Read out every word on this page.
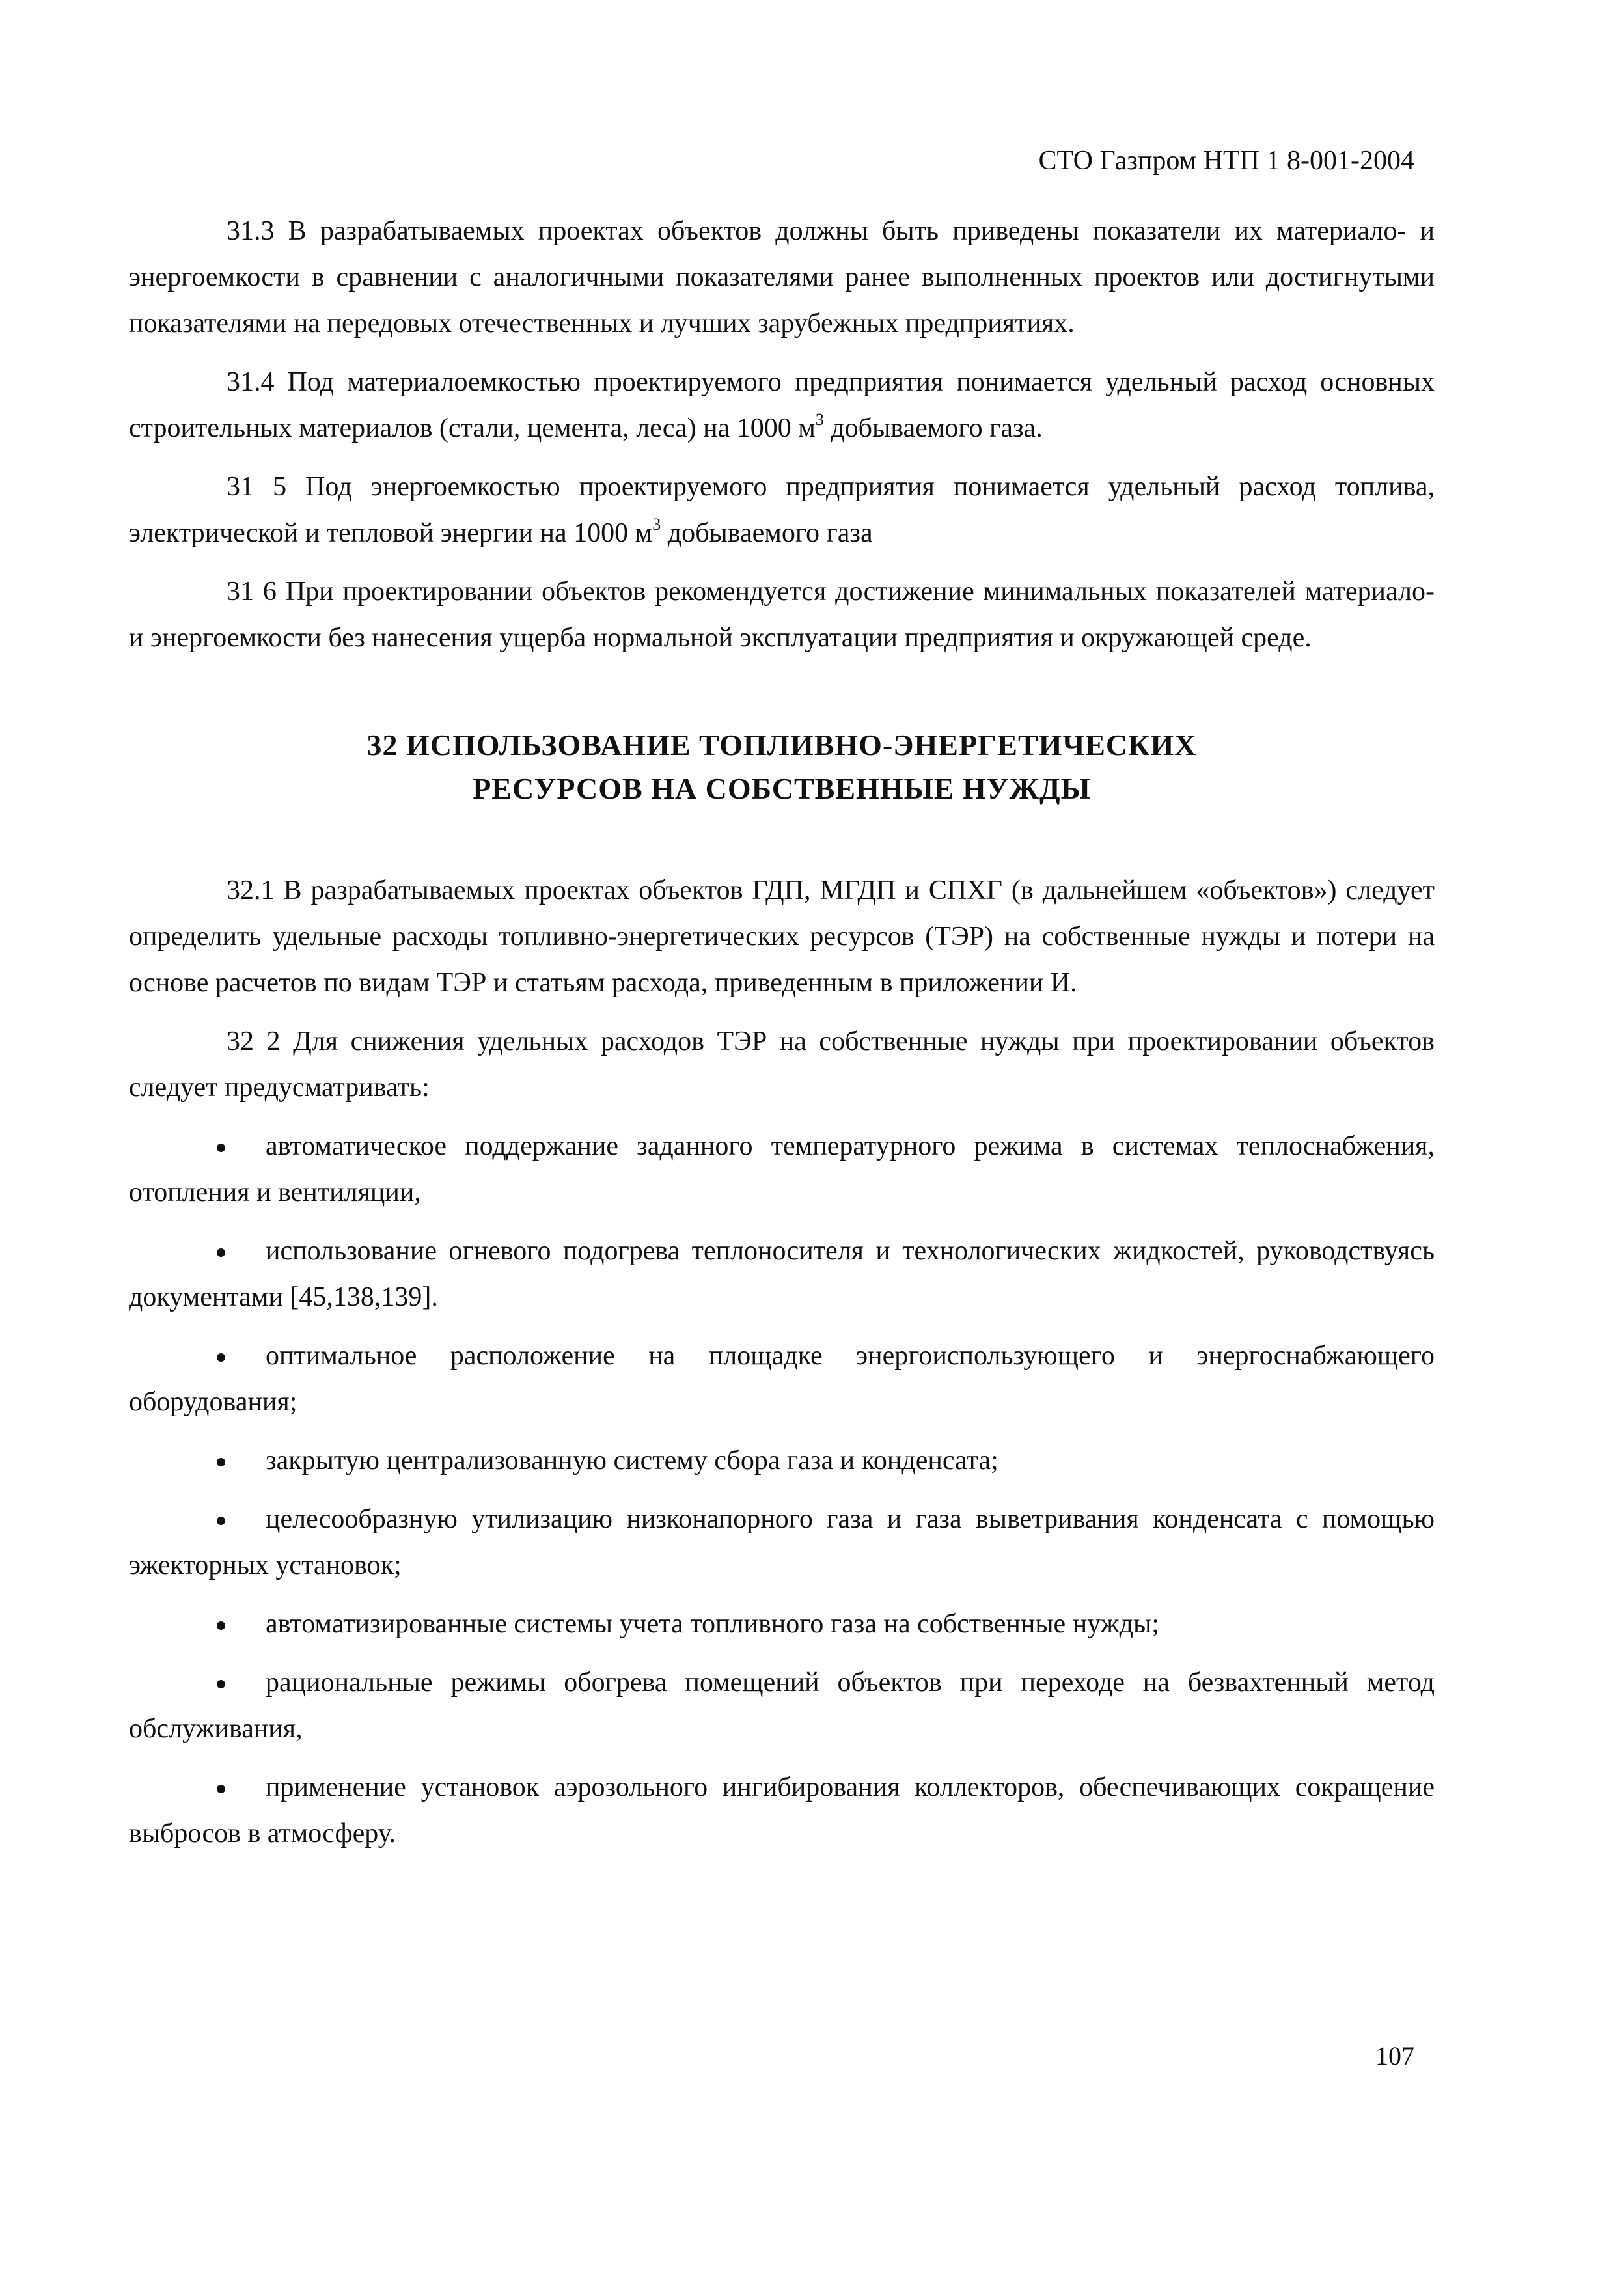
СТО Газпром НТП 1 8-001-2004

31.3 В разрабатываемых проектах объектов должны быть приведены показатели их материало- и энергоемкости в сравнении с аналогичными показателями ранее выполненных проектов или достигнутыми показателями на передовых отечественных и лучших зарубежных предприятиях.

31.4 Под материалоемкостью проектируемого предприятия понимается удельный расход основных строительных материалов (стали, цемента, леса) на 1000 $м^3$ добываемого газа.

31 5 Под энергоемкостью проектируемого предприятия понимается удельный расход топлива, электрической и тепловой энергии на 1000 $м^3$ добываемого газа

31 6 При проектировании объектов рекомендуется достижение минимальных показателей материало- и энергоемкости без нанесения ущерба нормальной эксплуатации предприятия и окружающей среде.

32 ИСПОЛЬЗОВАНИЕ ТОПЛИВНО-ЭНЕРГЕТИЧЕСКИХ
РЕСУРСОВ НА СОБСТВЕННЫЕ НУЖДЫ

32.1 В разрабатываемых проектах объектов ГДП, МГДП и СПХГ (в дальнейшем «объектов») следует определить удельные расходы топливно-энергетических ресурсов (ТЭР) на собственные нужды и потери на основе расчетов по видам ТЭР и статьям расхода, приведенным в приложении И.

32 2 Для снижения удельных расходов ТЭР на собственные нужды при проектировании объектов следует предусматривать:

автоматическое поддержание заданного температурного режима в системах теплоснабжения, отопления и вентиляции,

использование огневого подогрева теплоносителя и технологических жидкостей, руководствуясь документами [45,138,139].

оптимальное расположение на площадке энергоиспользующего и энергоснабжающего оборудования;

закрытую централизованную систему сбора газа и конденсата;

целесообразную утилизацию низконапорного газа и газа выветривания конденсата с помощью эжекторных установок;

автоматизированные системы учета топливного газа на собственные нужды;

рациональные режимы обогрева помещений объектов при переходе на безвахтенный метод обслуживания,

применение установок аэрозольного ингибирования коллекторов, обеспечивающих сокращение выбросов в атмосферу.

107
